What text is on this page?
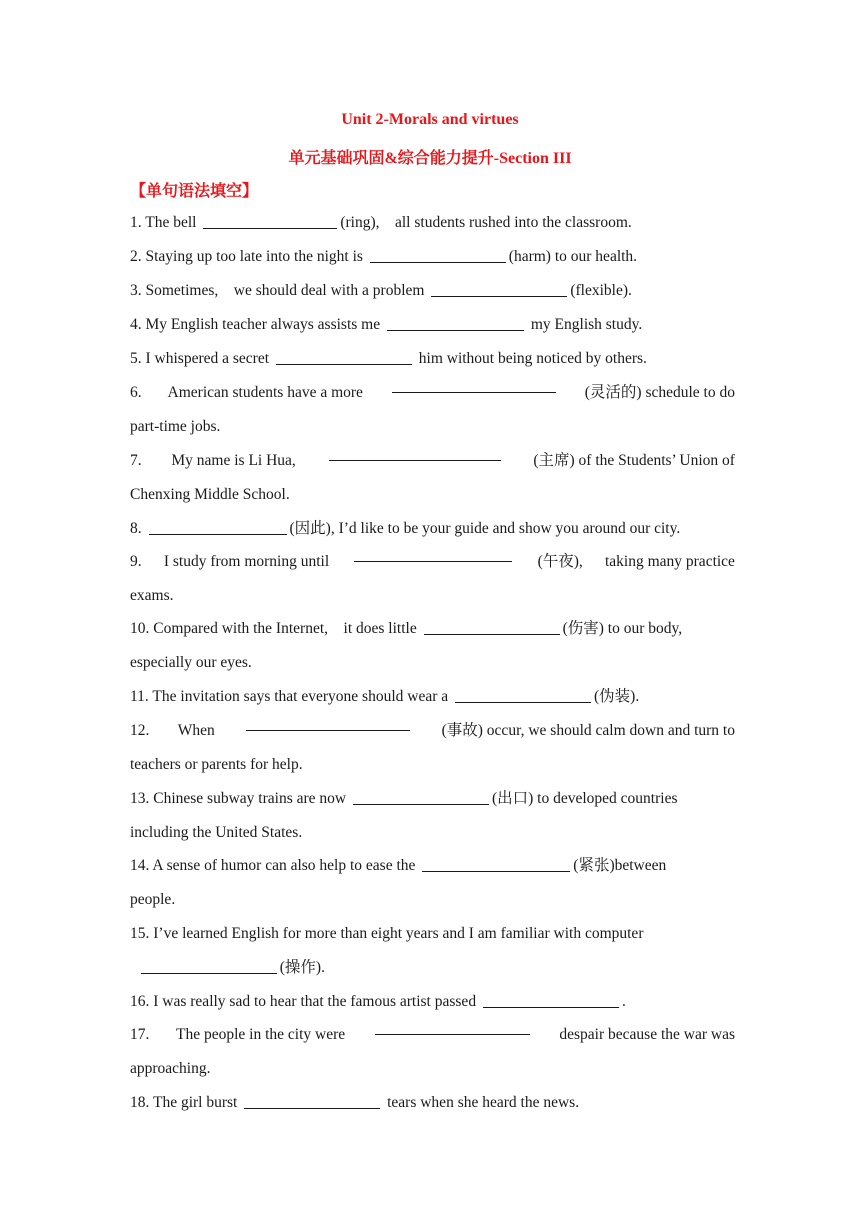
Unit 2-Morals and virtues
单元基础巩固&综合能力提升-Section III
【单句语法填空】
1. The bell	(ring), all students rushed into the classroom.
2. Staying up too late into the night is	(harm) to our health.
3. Sometimes, we should deal with a problem	(flexible).
4. My English teacher always assists me	my English study.
5. I whispered a secret	him without being noticed by others.
6. American students have a more	(灵活的) schedule to do
part-time jobs.
7. My name is Li Hua,	(主席) of the Students’ Union of
Chenxing Middle School.
8.	(因此), I’d like to be your guide and show you around our city.
9. I study from morning until	(午夜), taking many practice
exams.
10. Compared with the Internet, it does little	(伤害) to our body,
especially our eyes.
11. The invitation says that everyone should wear a	(伪装).
12. When	(事故) occur, we should calm down and turn to
teachers or parents for help.
13. Chinese subway trains are now	(出口) to developed countries
including the United States.
14. A sense of humor can also help to ease the	(紧张)between
people.
15. I’ve learned English for more than eight years and I am familiar with computer
(操作).
16. I was really sad to hear that the famous artist passed	.
17. The people in the city were	despair because the war was
approaching.
18. The girl burst	tears when she heard the news.
